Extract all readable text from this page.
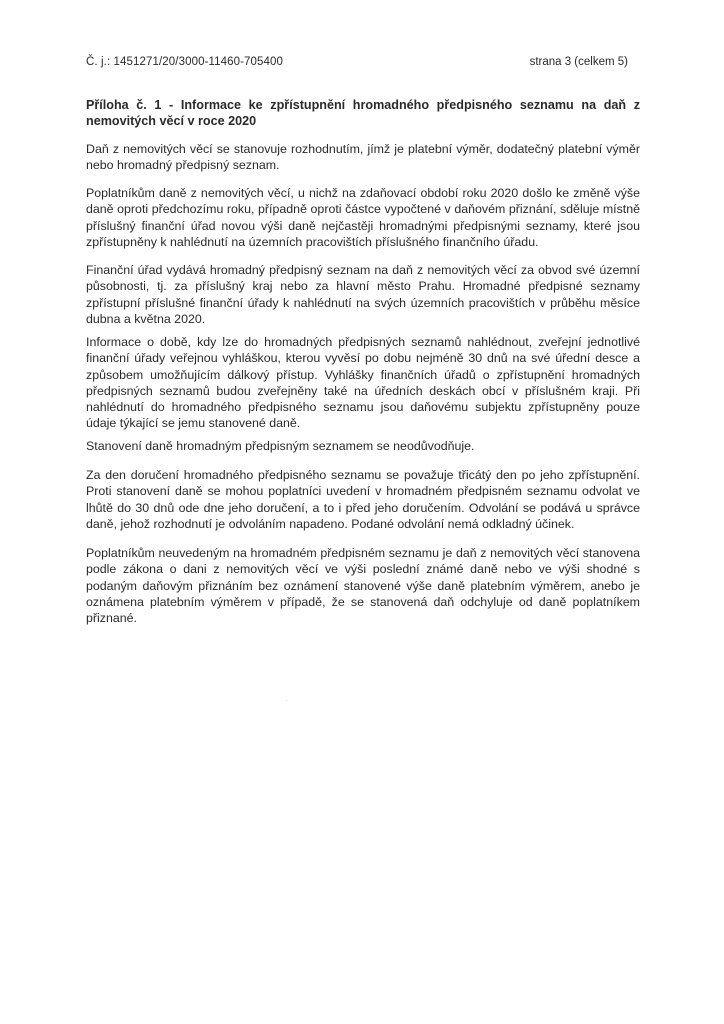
Č. j.: 1451271/20/3000-11460-705400	strana 3 (celkem 5)
Příloha č. 1 - Informace ke zpřístupnění hromadného předpisného seznamu na daň z nemovitých věcí v roce 2020
Daň z nemovitých věcí se stanovuje rozhodnutím, jímž je platební výměr, dodatečný platební výměr nebo hromadný předpisný seznam.
Poplatníkům daně z nemovitých věcí, u nichž na zdaňovací období roku 2020 došlo ke změně výše daně oproti předchozímu roku, případně oproti částce vypočtené v daňovém přiznání, sděluje místně příslušný finanční úřad novou výši daně nejčastěji hromadnými předpisnými seznamy, které jsou zpřístupněny k nahlédnutí na územních pracovištích příslušného finančního úřadu.
Finanční úřad vydává hromadný předpisný seznam na daň z nemovitých věcí za obvod své územní působnosti, tj. za příslušný kraj nebo za hlavní město Prahu. Hromadné předpisné seznamy zpřístupní příslušné finanční úřady k nahlédnutí na svých územních pracovištích v průběhu měsíce dubna a května 2020.
Informace o době, kdy lze do hromadných předpisných seznamů nahlédnout, zveřejní jednotlivé finanční úřady veřejnou vyhláškou, kterou vyvěsí po dobu nejméně 30 dnů na své úřední desce a způsobem umožňujícím dálkový přístup. Vyhlášky finančních úřadů o zpřístupnění hromadných předpisných seznamů budou zveřejněny také na úředních deskách obcí v příslušném kraji. Při nahlédnutí do hromadného předpisného seznamu jsou daňovému subjektu zpřístupněny pouze údaje týkající se jemu stanovené daně.
Stanovení daně hromadným předpisným seznamem se neodůvodňuje.
Za den doručení hromadného předpisného seznamu se považuje třicátý den po jeho zpřístupnění. Proti stanovení daně se mohou poplatníci uvedení v hromadném předpisném seznamu odvolat ve lhůtě do 30 dnů ode dne jeho doručení, a to i před jeho doručením. Odvolání se podává u správce daně, jehož rozhodnutí je odvoláním napadeno. Podané odvolání nemá odkladný účinek.
Poplatníkům neuvedeným na hromadném předpisném seznamu je daň z nemovitých věcí stanovena podle zákona o dani z nemovitých věcí ve výši poslední známé daně nebo ve výši shodné s podaným daňovým přiznáním bez oznámení stanovené výše daně platebním výměrem, anebo je oznámena platebním výměrem v případě, že se stanovená daň odchyluje od daně poplatníkem přiznané.
